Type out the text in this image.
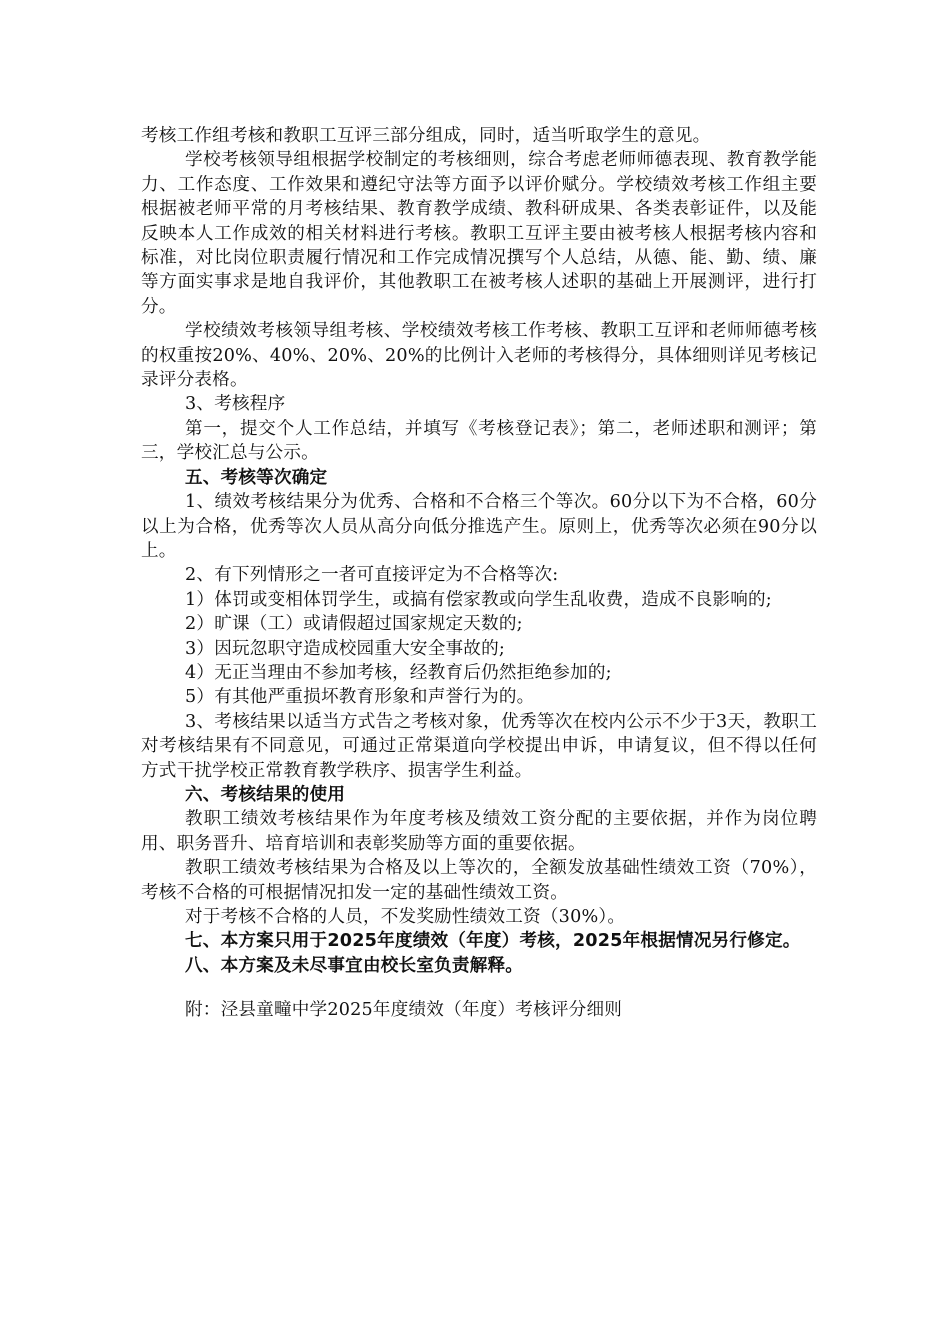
考核工作组考核和教职工互评三部分组成，同时，适当听取学生的意见。

学校考核领导组根据学校制定的考核细则，综合考虑老师师德表现、教育教学能力、工作态度、工作效果和遵纪守法等方面予以评价赋分。学校绩效考核工作组主要根据被老师平常的月考核结果、教育教学成绩、教科研成果、各类表彰证件，以及能反映本人工作成效的相关材料进行考核。教职工互评主要由被考核人根据考核内容和标准，对比岗位职责履行情况和工作完成情况撰写个人总结，从德、能、勤、绩、廉等方面实事求是地自我评价，其他教职工在被考核人述职的基础上开展测评，进行打分。

学校绩效考核领导组考核、学校绩效考核工作考核、教职工互评和老师师德考核的权重按20%、40%、20%、20%的比例计入老师的考核得分，具体细则详见考核记录评分表格。

3、考核程序

第一，提交个人工作总结，并填写《考核登记表》；第二，老师述职和测评；第三，学校汇总与公示。

五、考核等次确定

1、绩效考核结果分为优秀、合格和不合格三个等次。60分以下为不合格，60分以上为合格，优秀等次人员从高分向低分推选产生。原则上，优秀等次必须在90分以上。

2、有下列情形之一者可直接评定为不合格等次:

1）体罚或变相体罚学生，或搞有偿家教或向学生乱收费，造成不良影响的;

2）旷课（工）或请假超过国家规定天数的;

3）因玩忽职守造成校园重大安全事故的;

4）无正当理由不参加考核，经教育后仍然拒绝参加的;

5）有其他严重损坏教育形象和声誉行为的。

3、考核结果以适当方式告之考核对象，优秀等次在校内公示不少于3天，教职工对考核结果有不同意见，可通过正常渠道向学校提出申诉，申请复议，但不得以任何方式干扰学校正常教育教学秩序、损害学生利益。

六、考核结果的使用

教职工绩效考核结果作为年度考核及绩效工资分配的主要依据，并作为岗位聘用、职务晋升、培育培训和表彰奖励等方面的重要依据。

教职工绩效考核结果为合格及以上等次的，全额发放基础性绩效工资（70%），考核不合格的可根据情况扣发一定的基础性绩效工资。

对于考核不合格的人员，不发奖励性绩效工资（30%）。

七、本方案只用于2025年度绩效（年度）考核，2025年根据情况另行修定。

八、本方案及未尽事宜由校长室负责解释。

附：泾县童疃中学2025年度绩效（年度）考核评分细则
